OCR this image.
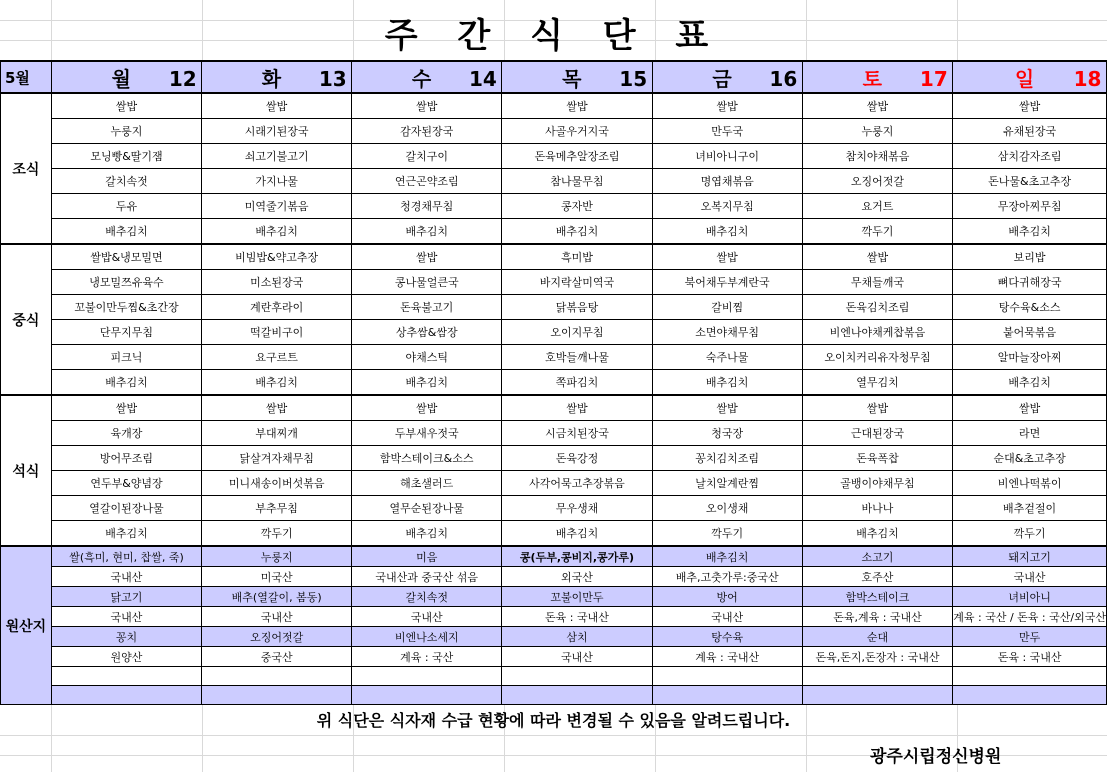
주 간 식 단 표
5월	월 12	화 13	수 14	목 15	금 16	토 17	일 18
조식	쌀밥	쌀밥	쌀밥	쌀밥	쌀밥	쌀밥	쌀밥
	누룽지	시래기된장국	감자된장국	사골우거지국	만두국	누룽지	유채된장국
	모닝빵&딸기잼	쇠고기불고기	갈치구이	돈육메추알장조림	녀비아니구이	참치야채볶음	삼치감자조림
	갈치속젓	가지나물	연근곤약조림	참나물무침	명엽채볶음	오징어젓갈	돈나물&초고추장
	두유	미역줄기볶음	청경채무침	콩자반	오복지무침	요거트	무장아찌무침
	배추김치	배추김치	배추김치	배추김치	배추김치	깍두기	배추김치
중식	쌀밥&냉모밀면	비빔밥&약고추장	쌀밥	흑미밥	쌀밥	쌀밥	보리밥
	냉모밀쯔유육수	미소된장국	콩나물얼큰국	바지락살미역국	북어채두부계란국	무채들깨국	뼈다귀해장국
	꼬불이만두찜&초간장	계란후라이	돈육불고기	닭볶음탕	갈비찜	돈육김치조림	탕수육&소스
	단무지무침	떡갈비구이	상추쌈&쌈장	오이지무침	소면야채무침	비엔나야채케찹볶음	붙어묵볶음
	피크닉	요구르트	야채스틱	호박들깨나물	숙주나물	오이치커리유자청무침	알마늘장아찌
	배추김치	배추김치	배추김치	쪽파김치	배추김치	열무김치	배추김치
석식	쌀밥	쌀밥	쌀밥	쌀밥	쌀밥	쌀밥	쌀밥
	육개장	부대찌개	두부새우젓국	시금치된장국	청국장	근대된장국	라면
	방어무조림	닭살겨자채무침	함박스테이크&소스	돈육강정	꽁치김치조림	돈육폭찹	순대&초고추장
	연두부&양념장	미니새송이버섯볶음	해초샐러드	사각어묵고추장볶음	날치알계란찜	골뱅이야채무침	비엔나떡볶이
	열갈이된장나물	부추무침	열무순된장나물	무우생채	오이생채	바나나	배추겉절이
	배추김치	깍두기	배추김치	배추김치	깍두기	배추김치	깍두기
원산지	쌀(흑미, 현미, 찹쌀, 죽)	누룽지	미음	콩(두부,콩비지,콩가루)	배추김치	소고기	돼지고기
	국내산	미국산	국내산과 중국산 섞음	외국산	배추,고춧가루:중국산	호주산	국내산
	닭고기	배추(열갈이, 봄동)	갈치속젓	꼬불이만두	방어	함박스테이크	녀비아니
	국내산	국내산	국내산	돈육 : 국내산	국내산	돈육,계육 : 국내산	계육 : 국산 / 돈육 : 국산/외국산
	꽁치	오징어젓갈	비엔나소세지	삼치	탕수육	순대	만두
	원양산	중국산	계육 : 국산	국내산	계육 : 국내산	돈육,돈지,돈장자 : 국내산	돈육 : 국내산

위 식단은 식자재 수급 현황에 따라 변경될 수 있음을 알려드립니다.
광주시립정신병원
